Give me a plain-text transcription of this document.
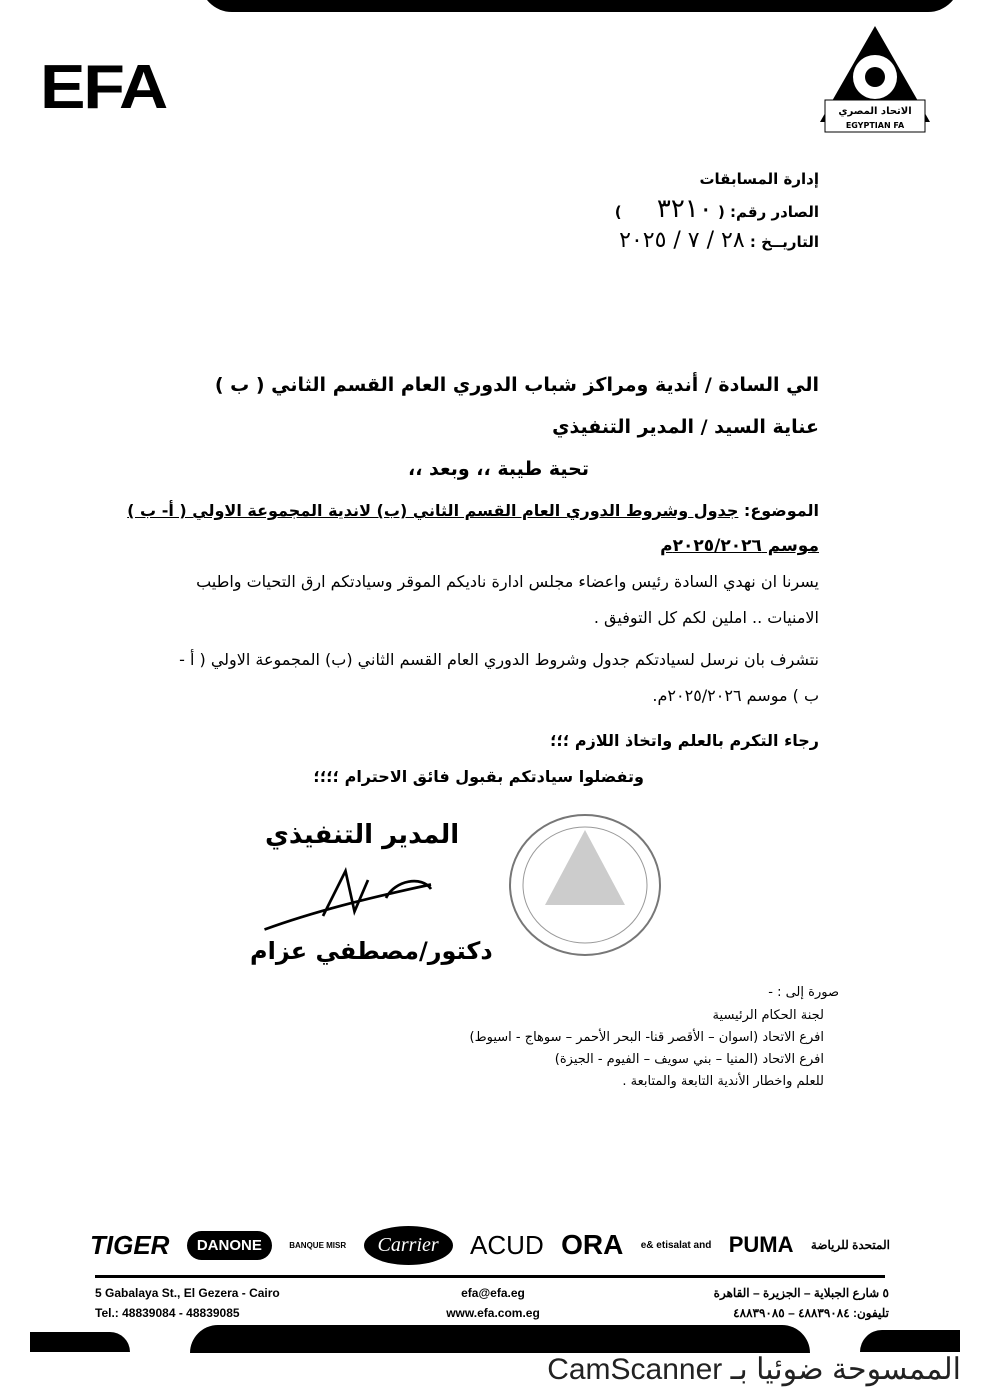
EFA	الاتحاد المصري
EGYPTIAN FA
إدارة المسابقات
الصادر رقم: ( ٣٢١٠ )
التاريــخ : ٢٨ / ٧ / ٢٠٢٥
الي السادة / أندية ومراكز شباب الدوري العام القسم الثاني ( ب )
عناية السيد / المدير التنفيذي
تحية طيبة ،، وبعد ،،
الموضوع: جدول وشروط الدوري العام القسم الثاني (ب) لاندية المجموعة الاولي ( أ- ب )
موسم ٢٠٢٥/٢٠٢٦م
يسرنا ان نهدي السادة رئيس واعضاء مجلس ادارة ناديكم الموقر وسيادتكم ارق التحيات واطيب الامنيات .. املين لكم كل التوفيق .
نتشرف بان نرسل لسيادتكم جدول وشروط الدوري العام القسم الثاني (ب) المجموعة الاولي ( أ - ب ) موسم ٢٠٢٥/٢٠٢٦م.
رجاء التكرم بالعلم واتخاذ اللازم ؛؛؛
وتفضلوا سيادتكم بقبول فائق الاحترام ؛؛؛؛
المدير التنفيذي
دكتور/مصطفي عزام
صورة إلى : -
لجنة الحكام الرئيسية
افرع الاتحاد (اسوان – الأقصر قنا- البحر الأحمر – سوهاج - اسيوط)
افرع الاتحاد (المنيا – بني سويف – الفيوم - الجيزة)
للعلم واخطار الأندية التابعة والمتابعة .
TIGER	DANONE	BANQUE MISR	Carrier	ACUD ORA e& etisalat and PUMA المتحدة للرياضة
5 Gabalaya St., El Gezera - Cairo
Tel.: 48839084 - 48839085
efa@efa.eg
www.efa.com.eg
٥ شارع الجبلاية – الجزيرة – القاهرة
تليفون: ٤٨٨٣٩٠٨٤ – ٤٨٨٣٩٠٨٥
الممسوحة ضوئيا بـ CamScanner
